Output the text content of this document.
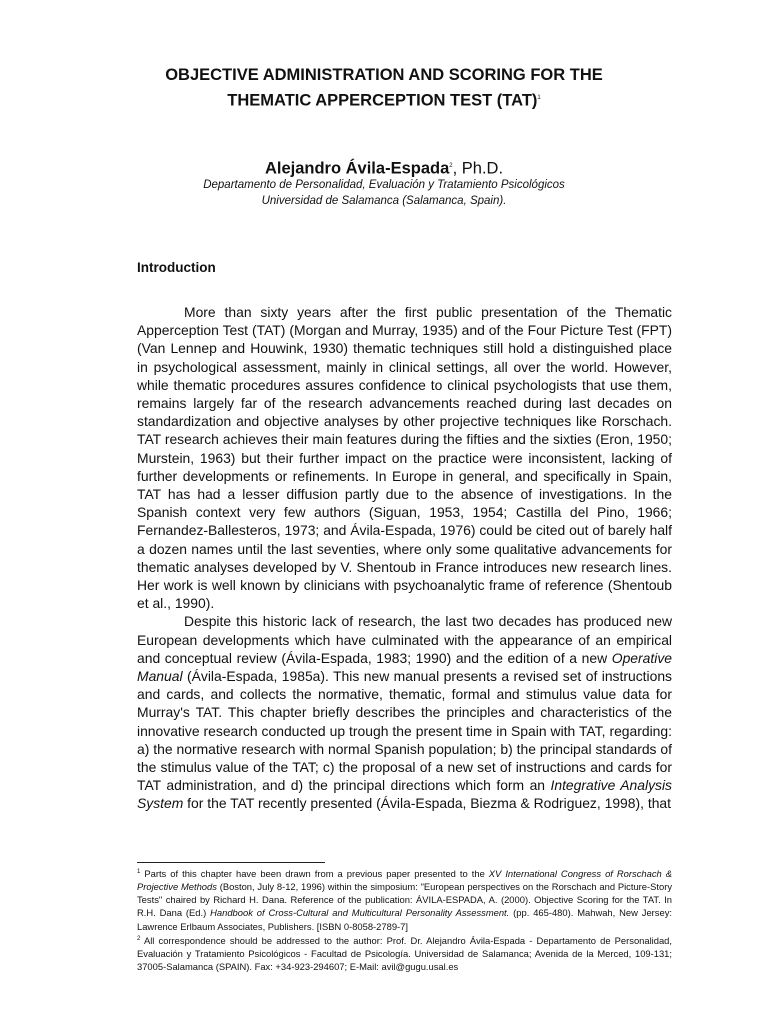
OBJECTIVE ADMINISTRATION AND SCORING FOR THE
THEMATIC APPERCEPTION TEST (TAT)$^1$
Alejandro Ávila-Espada$^2$, Ph.D.
Departamento de Personalidad, Evaluación y Tratamiento Psicológicos
Universidad de Salamanca (Salamanca, Spain).
Introduction

More than sixty years after the first public presentation of the Thematic Apperception Test (TAT) (Morgan and Murray, 1935) and of the Four Picture Test (FPT) (Van Lennep and Houwink, 1930) thematic techniques still hold a distinguished place in psychological assessment, mainly in clinical settings, all over the world. However, while thematic procedures assures confidence to clinical psychologists that use them, remains largely far of the research advancements reached during last decades on standardization and objective analyses by other projective techniques like Rorschach. TAT research achieves their main features during the fifties and the sixties (Eron, 1950; Murstein, 1963) but their further impact on the practice were inconsistent, lacking of further developments or refinements. In Europe in general, and specifically in Spain, TAT has had a lesser diffusion partly due to the absence of investigations. In the Spanish context very few authors (Siguan, 1953, 1954; Castilla del Pino, 1966; Fernandez-Ballesteros, 1973; and Ávila-Espada, 1976) could be cited out of barely half a dozen names until the last seventies, where only some qualitative advancements for thematic analyses developed by V. Shentoub in France introduces new research lines. Her work is well known by clinicians with psychoanalytic frame of reference (Shentoub et al., 1990).

Despite this historic lack of research, the last two decades has produced new European developments which have culminated with the appearance of an empirical and conceptual review (Ávila-Espada, 1983; 1990) and the edition of a new Operative Manual (Ávila-Espada, 1985a). This new manual presents a revised set of instructions and cards, and collects the normative, thematic, formal and stimulus value data for Murray's TAT. This chapter briefly describes the principles and characteristics of the innovative research conducted up trough the present time in Spain with TAT, regarding: a) the normative research with normal Spanish population; b) the principal standards of the stimulus value of the TAT; c) the proposal of a new set of instructions and cards for TAT administration, and d) the principal directions which form an Integrative Analysis System for the TAT recently presented (Ávila-Espada, Biezma & Rodriguez, 1998), that

$^1$ Parts of this chapter have been drawn from a previous paper presented to the XV International Congress of Rorschach & Projective Methods (Boston, July 8-12, 1996) within the simposium: "European perspectives on the Rorschach and Picture-Story Tests" chaired by Richard H. Dana. Reference of the publication: ÁVILA-ESPADA, A. (2000). Objective Scoring for the TAT. In R.H. Dana (Ed.) Handbook of Cross-Cultural and Multicultural Personality Assessment. (pp. 465-480). Mahwah, New Jersey: Lawrence Erlbaum Associates, Publishers. [ISBN 0-8058-2789-7]

$^2$ All correspondence should be addressed to the author: Prof. Dr. Alejandro Ávila-Espada - Departamento de Personalidad, Evaluación y Tratamiento Psicológicos - Facultad de Psicología. Universidad de Salamanca; Avenida de la Merced, 109-131; 37005-Salamanca (SPAIN). Fax: +34-923-294607; E-Mail: avil@gugu.usal.es
